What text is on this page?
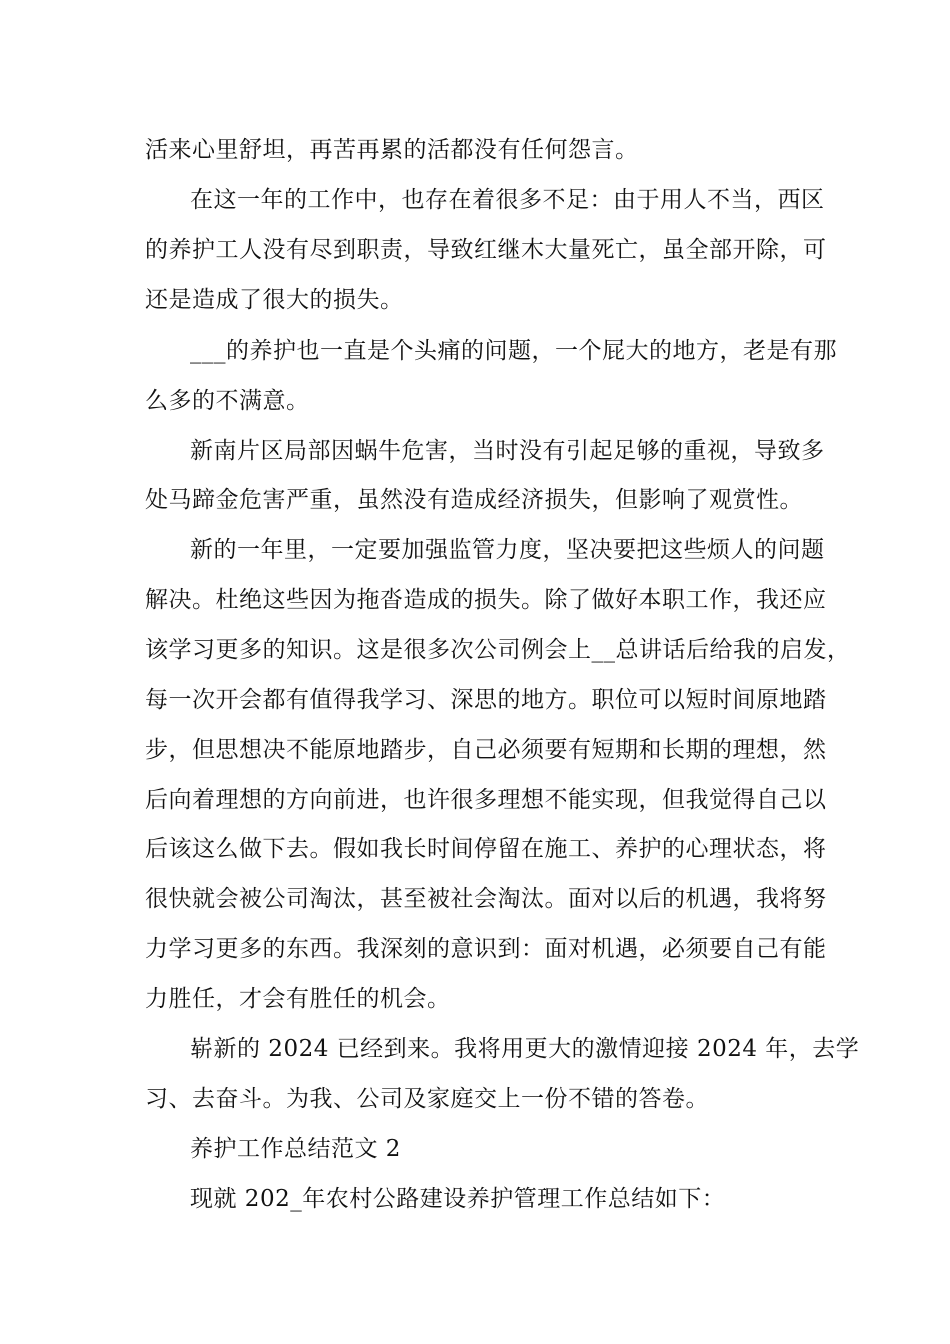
活来心里舒坦，再苦再累的活都没有任何怨言。
在这一年的工作中，也存在着很多不足：由于用人不当，西区
的养护工人没有尽到职责，导致红继木大量死亡，虽全部开除，可
还是造成了很大的损失。
___的养护也一直是个头痛的问题，一个屁大的地方，老是有那
么多的不满意。
新南片区局部因蜗牛危害，当时没有引起足够的重视，导致多
处马蹄金危害严重，虽然没有造成经济损失，但影响了观赏性。
新的一年里，一定要加强监管力度，坚决要把这些烦人的问题
解决。杜绝这些因为拖沓造成的损失。除了做好本职工作，我还应
该学习更多的知识。这是很多次公司例会上__总讲话后给我的启发，
每一次开会都有值得我学习、深思的地方。职位可以短时间原地踏
步，但思想决不能原地踏步，自己必须要有短期和长期的理想，然
后向着理想的方向前进，也许很多理想不能实现，但我觉得自己以
后该这么做下去。假如我长时间停留在施工、养护的心理状态，将
很快就会被公司淘汰，甚至被社会淘汰。面对以后的机遇，我将努
力学习更多的东西。我深刻的意识到：面对机遇，必须要自己有能
力胜任，才会有胜任的机会。
崭新的 2024 已经到来。我将用更大的激情迎接 2024 年，去学
习、去奋斗。为我、公司及家庭交上一份不错的答卷。
养护工作总结范文 2
现就 202_年农村公路建设养护管理工作总结如下：
